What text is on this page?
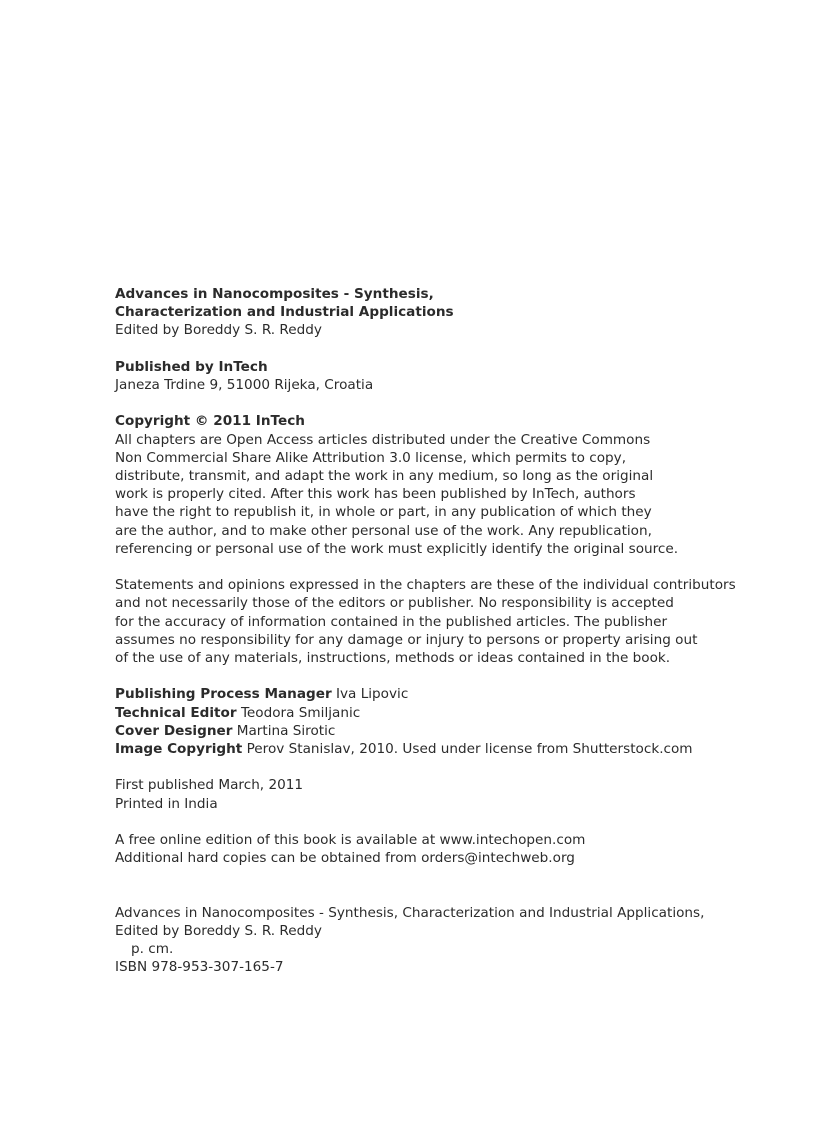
Advances in Nanocomposites - Synthesis,
Characterization and Industrial Applications
Edited by Boreddy S. R. Reddy
Published by InTech
Janeza Trdine 9, 51000 Rijeka, Croatia
Copyright © 2011 InTech
All chapters are Open Access articles distributed under the Creative Commons
Non Commercial Share Alike Attribution 3.0 license, which permits to copy,
distribute, transmit, and adapt the work in any medium, so long as the original
work is properly cited. After this work has been published by InTech, authors
have the right to republish it, in whole or part, in any publication of which they
are the author, and to make other personal use of the work. Any republication,
referencing or personal use of the work must explicitly identify the original source.
Statements and opinions expressed in the chapters are these of the individual contributors
and not necessarily those of the editors or publisher. No responsibility is accepted
for the accuracy of information contained in the published articles. The publisher
assumes no responsibility for any damage or injury to persons or property arising out
of the use of any materials, instructions, methods or ideas contained in the book.
Publishing Process Manager Iva Lipovic
Technical Editor Teodora Smiljanic
Cover Designer Martina Sirotic
Image Copyright Perov Stanislav, 2010. Used under license from Shutterstock.com
First published March, 2011
Printed in India
A free online edition of this book is available at www.intechopen.com
Additional hard copies can be obtained from orders@intechweb.org
Advances in Nanocomposites - Synthesis, Characterization and Industrial Applications,
Edited by Boreddy S. R. Reddy
p. cm.
ISBN 978-953-307-165-7
